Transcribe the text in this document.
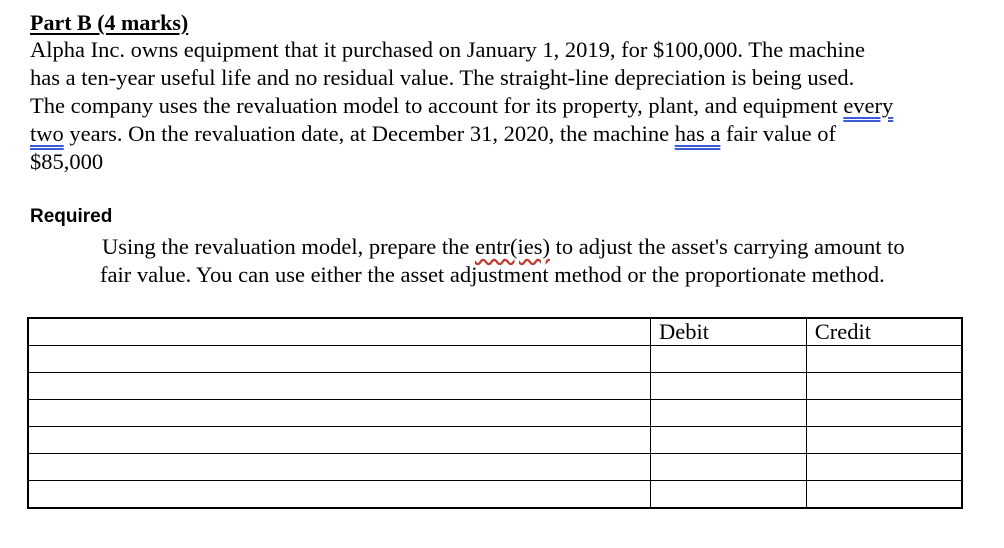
Part B (4 marks)
Alpha Inc. owns equipment that it purchased on January 1, 2019, for $100,000. The machine
has a ten-year useful life and no residual value. The straight-line depreciation is being used.
The company uses the revaluation model to account for its property, plant, and equipment every
two years. On the revaluation date, at December 31, 2020, the machine has a fair value of
$85,000
Required
Using the revaluation model, prepare the entr(ies) to adjust the asset's carrying amount to
fair value. You can use either the asset adjustment method or the proportionate method.
	Debit	Credit
